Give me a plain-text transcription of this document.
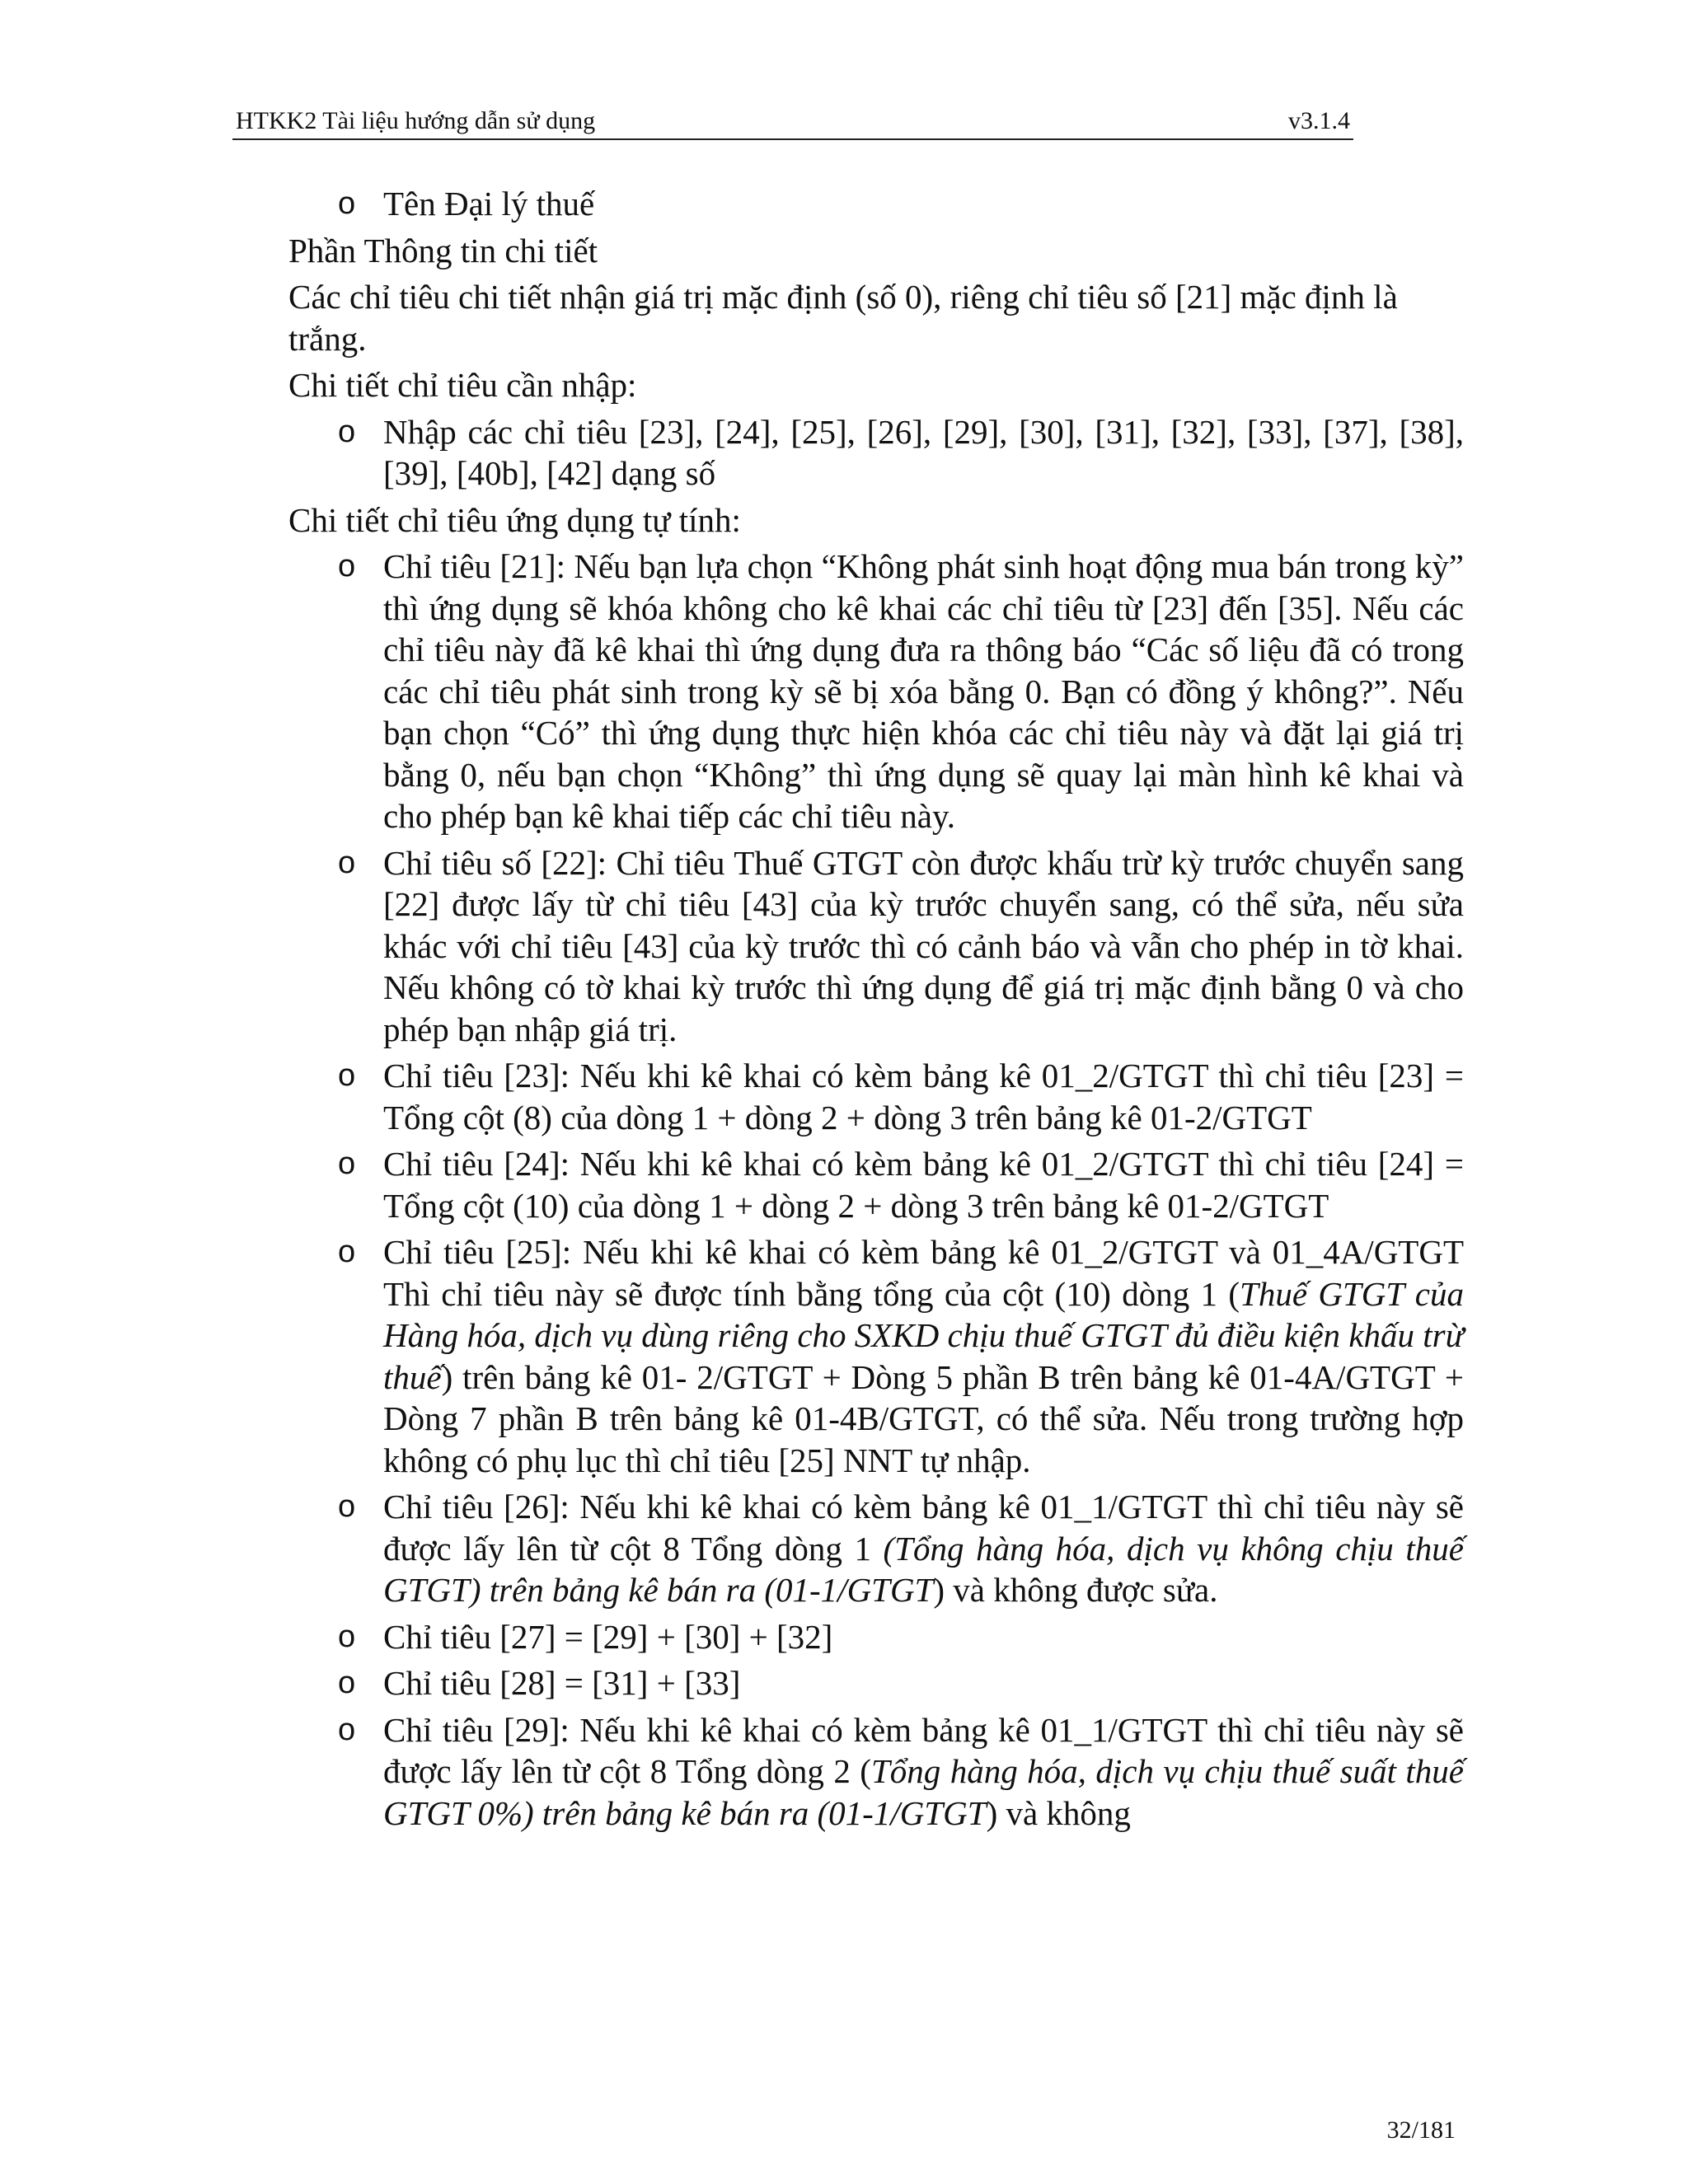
HTKK2 Tài liệu hướng dẫn sử dụng	v3.1.4
o Tên Đại lý thuế

Phần Thông tin chi tiết

Các chỉ tiêu chi tiết nhận giá trị mặc định (số 0), riêng chỉ tiêu số [21] mặc định là trắng.

Chi tiết chỉ tiêu cần nhập:

o Nhập các chỉ tiêu [23], [24], [25], [26], [29], [30], [31], [32], [33], [37], [38], [39], [40b], [42] dạng số

Chi tiết chỉ tiêu ứng dụng tự tính:

o Chỉ tiêu [21]: Nếu bạn lựa chọn “Không phát sinh hoạt động mua bán trong kỳ” thì ứng dụng sẽ khóa không cho kê khai các chỉ tiêu từ [23] đến [35]. Nếu các chỉ tiêu này đã kê khai thì ứng dụng đưa ra thông báo “Các số liệu đã có trong các chỉ tiêu phát sinh trong kỳ sẽ bị xóa bằng 0. Bạn có đồng ý không?”. Nếu bạn chọn “Có” thì ứng dụng thực hiện khóa các chỉ tiêu này và đặt lại giá trị bằng 0, nếu bạn chọn “Không” thì ứng dụng sẽ quay lại màn hình kê khai và cho phép bạn kê khai tiếp các chỉ tiêu này.
o Chỉ tiêu số [22]: Chỉ tiêu Thuế GTGT còn được khấu trừ kỳ trước chuyển sang [22] được lấy từ chỉ tiêu [43] của kỳ trước chuyển sang, có thể sửa, nếu sửa khác với chỉ tiêu [43] của kỳ trước thì có cảnh báo và vẫn cho phép in tờ khai. Nếu không có tờ khai kỳ trước thì ứng dụng để giá trị mặc định bằng 0 và cho phép bạn nhập giá trị.
o Chỉ tiêu [23]: Nếu khi kê khai có kèm bảng kê 01_2/GTGT thì chỉ tiêu [23] = Tổng cột (8) của dòng 1 + dòng 2 + dòng 3 trên bảng kê 01-2/GTGT
o Chỉ tiêu [24]: Nếu khi kê khai có kèm bảng kê 01_2/GTGT thì chỉ tiêu [24] = Tổng cột (10) của dòng 1 + dòng 2 + dòng 3 trên bảng kê 01-2/GTGT
o Chỉ tiêu [25]: Nếu khi kê khai có kèm bảng kê 01_2/GTGT và 01_4A/GTGT Thì chỉ tiêu này sẽ được tính bằng tổng của cột (10) dòng 1 (Thuế GTGT của Hàng hóa, dịch vụ dùng riêng cho SXKD chịu thuế GTGT đủ điều kiện khấu trừ thuế) trên bảng kê 01- 2/GTGT + Dòng 5 phần B trên bảng kê 01-4A/GTGT + Dòng 7 phần B trên bảng kê 01-4B/GTGT, có thể sửa. Nếu trong trường hợp không có phụ lục thì chỉ tiêu [25] NNT tự nhập.
o Chỉ tiêu [26]: Nếu khi kê khai có kèm bảng kê 01_1/GTGT thì chỉ tiêu này sẽ được lấy lên từ cột 8 Tổng dòng 1 (Tổng hàng hóa, dịch vụ không chịu thuế GTGT) trên bảng kê bán ra (01-1/GTGT) và không được sửa.
o Chỉ tiêu [27] = [29] + [30] + [32]
o Chỉ tiêu [28] = [31] + [33]
o Chỉ tiêu [29]: Nếu khi kê khai có kèm bảng kê 01_1/GTGT thì chỉ tiêu này sẽ được lấy lên từ cột 8 Tổng dòng 2 (Tổng hàng hóa, dịch vụ chịu thuế suất thuế GTGT 0%) trên bảng kê bán ra (01-1/GTGT) và không
32/181
